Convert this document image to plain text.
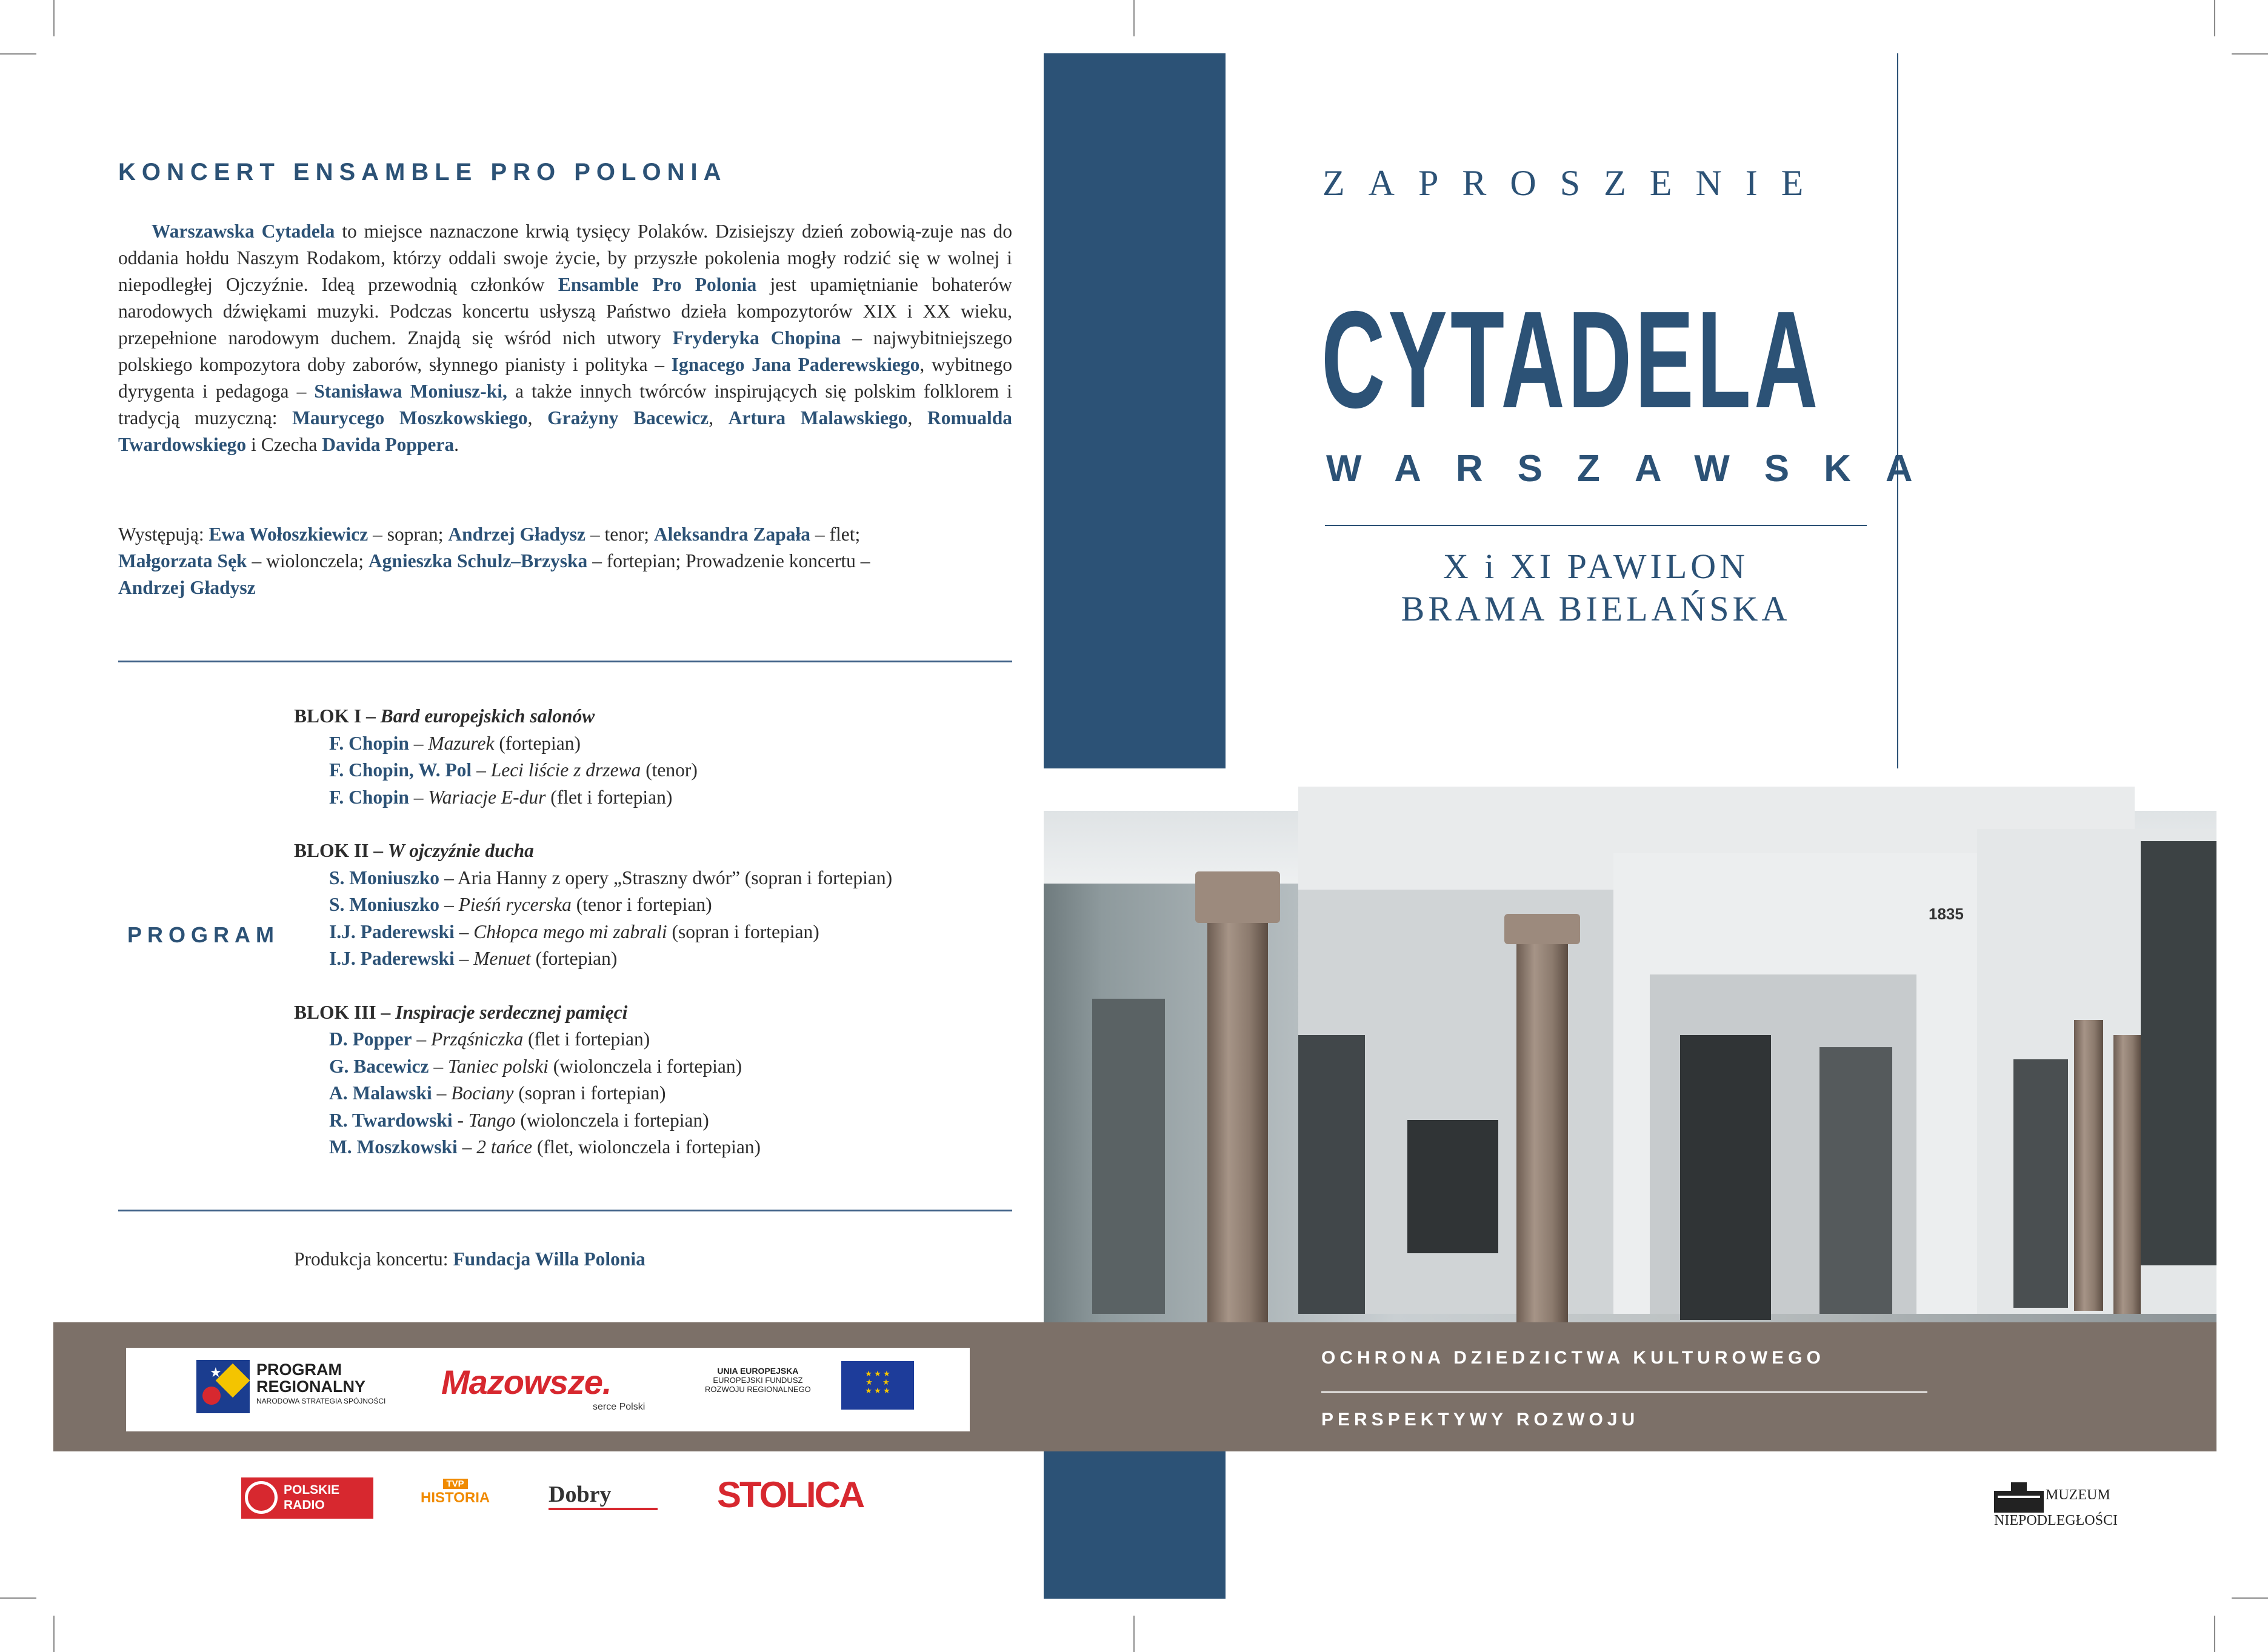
KONCERT ENSAMBLE PRO POLONIA

Warszawska Cytadela to miejsce naznaczone krwią tysięcy Polaków. Dzisiejszy dzień zobowią-zuje nas do oddania hołdu Naszym Rodakom, którzy oddali swoje życie, by przyszłe pokolenia mogły rodzić się w wolnej i niepodległej Ojczyźnie. Ideą przewodnią członków Ensamble Pro Polonia jest upamiętnianie bohaterów narodowych dźwiękami muzyki. Podczas koncertu usłyszą Państwo dzieła kompozytorów XIX i XX wieku, przepełnione narodowym duchem. Znajdą się wśród nich utwory Fryderyka Chopina – najwybitniejszego polskiego kompozytora doby zaborów, słynnego pianisty i polityka – Ignacego Jana Paderewskiego, wybitnego dyrygenta i pedagoga – Stanisława Moniusz-ki, a także innych twórców inspirujących się polskim folklorem i tradycją muzyczną: Maurycego Moszkowskiego, Grażyny Bacewicz, Artura Malawskiego, Romualda Twardowskiego i Czecha Davida Poppera.

Występują: Ewa Wołoszkiewicz – sopran; Andrzej Gładysz – tenor; Aleksandra Zapała – flet;
Małgorzata Sęk – wiolonczela; Agnieszka Schulz–Brzyska – fortepian; Prowadzenie koncertu –
Andrzej Gładysz
PROGRAM
BLOK I – Bard europejskich salonów
F. Chopin – Mazurek (fortepian)
F. Chopin, W. Pol – Leci liście z drzewa (tenor)
F. Chopin – Wariacje E-dur (flet i fortepian)
BLOK II – W ojczyźnie ducha
S. Moniuszko – Aria Hanny z opery „Straszny dwór” (sopran i fortepian)
S. Moniuszko – Pieśń rycerska (tenor i fortepian)
I.J. Paderewski – Chłopca mego mi zabrali (sopran i fortepian)
I.J. Paderewski – Menuet (fortepian)
BLOK III – Inspiracje serdecznej pamięci
D. Popper – Prząśniczka (flet i fortepian)
G. Bacewicz – Taniec polski (wiolonczela i fortepian)
A. Malawski – Bociany (sopran i fortepian)
R. Twardowski - Tango (wiolonczela i fortepian)
M. Moszkowski – 2 tańce (flet, wiolonczela i fortepian)
Produkcja koncertu: Fundacja Willa Polonia
ZAPROSZENIE
CYTADELA
WARSZAWSKA
X i XI PAWILON
BRAMA BIELAŃSKA
1835
OCHRONA DZIEDZICTWA KULTUROWEGO
PERSPEKTYWY ROZWOJU
★ PROGRAM
REGIONALNY
NARODOWA STRATEGIA SPÓJNOŚCI Mazowsze.
serce Polski
UNIA EUROPEJSKA
EUROPEJSKI FUNDUSZ
ROZWOJU REGIONALNEGO
★ ★ ★
★     ★
★ ★ ★
POLSKIE
RADIO
TVP
HISTORIA	Dobry	STOLICA	MUZEUM
NIEPODLEGŁOŚCI
